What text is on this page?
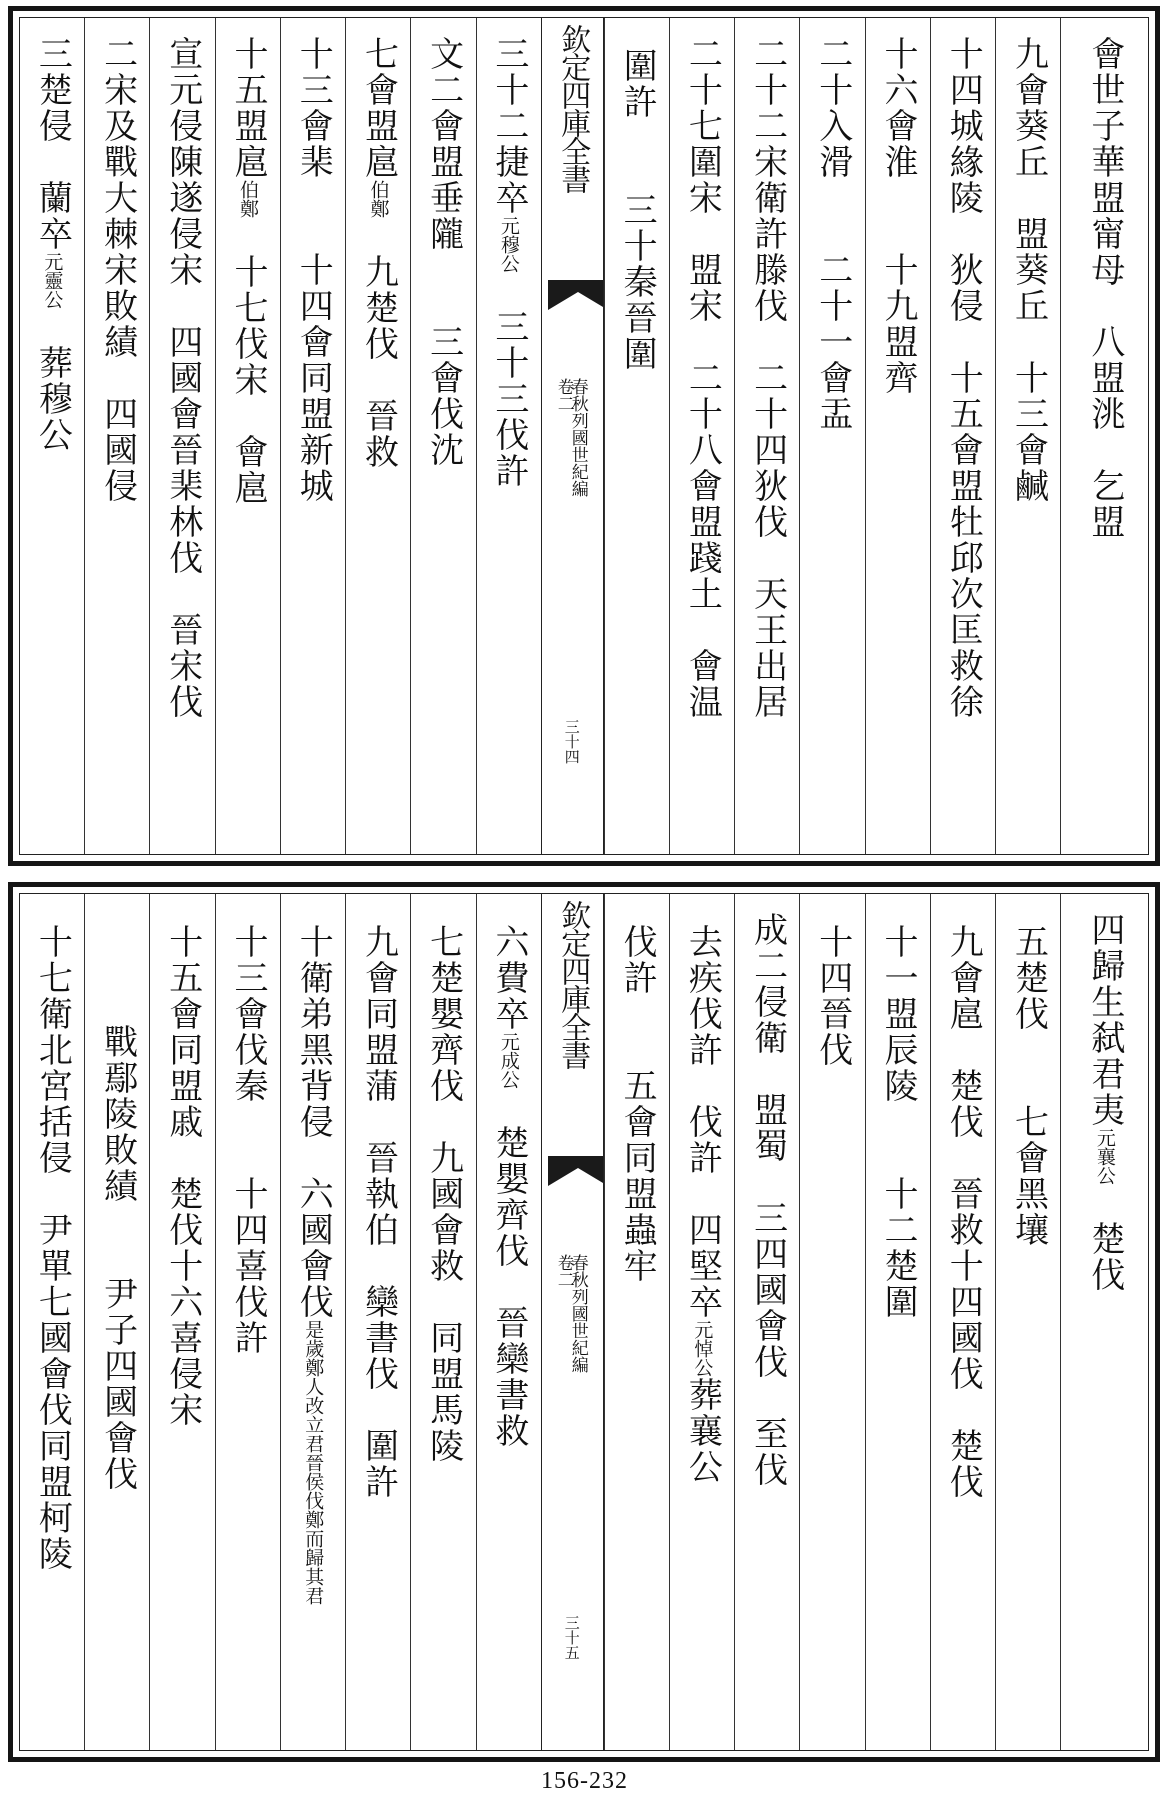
會世子華盟甯母　八盟洮　乞盟
九會葵丘　盟葵丘　十三會鹹
十四城緣陵　狄侵　十五會盟牡邱次匡救徐
十六會淮　　十九盟齊
二十入滑　　二十一會盂
二十二宋衛許滕伐　二十四狄伐　天王出居
二十七圍宋　盟宋　二十八會盟踐土　會温
圍許　　三十秦晉圍
欽定四庫全書
春秋列國世紀編
卷二
三十四
三十二捷卒元穆公　三十三伐許
文二會盟垂隴　　三會伐沈
七會盟扈伯鄭　九楚伐　晉救
十三會棐　　十四會同盟新城
十五盟扈伯鄭　十七伐宋　會扈
宣元侵陳遂侵宋　四國會晉棐林伐　晉宋伐
二宋及戰大棘宋敗績　四國侵
三楚侵　蘭卒元靈公　葬穆公
四歸生弑君夷元襄公　楚伐
五楚伐　　七會黑壤
九會扈　楚伐　晉救十四國伐　楚伐
十一盟辰陵　　十二楚圍
十四晉伐
成二侵衛　盟蜀　三四國會伐　至伐
去疾伐許　伐許　四堅卒元悼公葬襄公
伐許　　五會同盟蟲牢
欽定四庫全書
春秋列國世紀編
卷二
三十五
六費卒元成公　楚嬰齊伐　晉欒書救
七楚嬰齊伐　九國會救　同盟馬陵
九會同盟蒲　晉執伯　欒書伐　圍許
十衛弟黑背侵　六國會伐是歲鄭人改立君晉侯伐鄭而歸其君
十三會伐秦　　十四喜伐許
十五會同盟戚　楚伐十六喜侵宋
戰鄢陵敗績　　尹子四國會伐
十七衛北宮括侵　尹單七國會伐同盟柯陵
156-232
